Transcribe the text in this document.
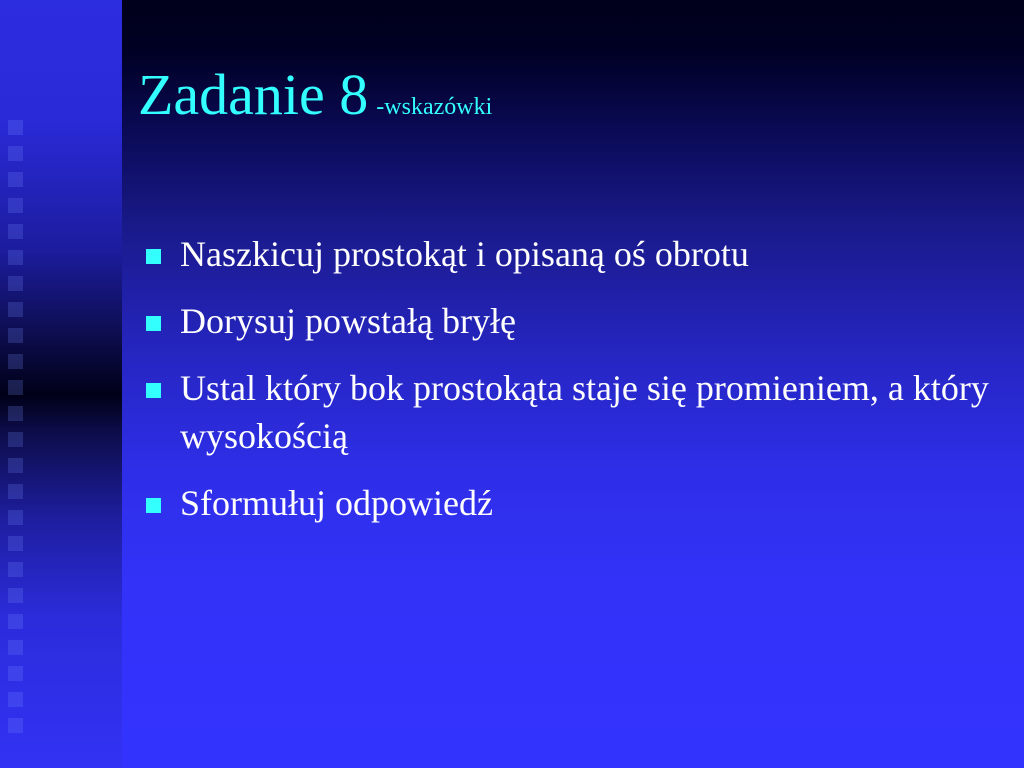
Zadanie 8 -wskazówki
Naszkicuj prostokąt i opisaną oś obrotu
Dorysuj powstałą bryłę
Ustal który bok prostokąta staje się promieniem, a który wysokością
Sformułuj odpowiedź
